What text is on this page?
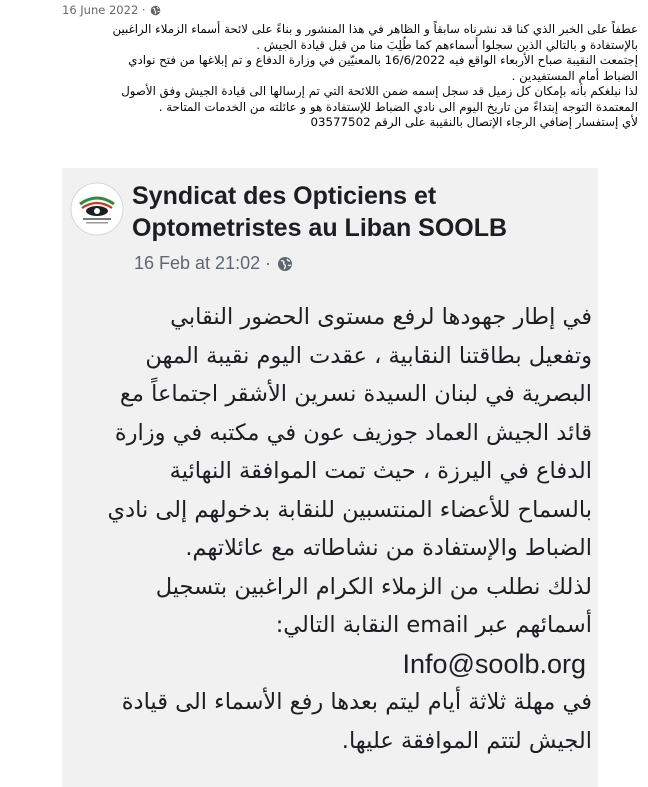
16 June 2022 ·

عطفاً على الخبر الذي كنا قد نشرناه سابقاً و الظاهر في هذا المنشور و بناءً على لائحة أسماء الزملاء الراغبين

بالإستفادة و بالتالي الذين سجلوا أسماءهم كما طُلِبَ منا من قبل قيادة الجيش .

إجتمعت النقيبة صباح الأربعاء الواقع فيه 16/6/2022 بالمعنيّين في وزارة الدفاع و تم إبلاغها من فتح نوادي

الضباط أمام المستفيدين .

لذا نبلغكم بأنه بإمكان كل زميل قد سجل إسمه ضمن اللائحة التي تم إرسالها الى قيادة الجيش وفق الأصول

المعتمدة التوجه إبتداءً من تاريخ اليوم الى نادي الضباط للإستفادة هو و عائلته من الخدمات المتاحة .

لأي إستفسار إضافي الرجاء الإتصال بالنقيبة على الرقم 03577502

Syndicat des Opticiens et
Optometristes au Liban SOOLB
16 Feb at 21:02 ·

في إطار جهودها لرفع مستوى الحضور النقابي

وتفعيل بطاقتنا النقابية ، عقدت اليوم نقيبة المهن

البصرية في لبنان السيدة نسرين الأشقر اجتماعاً مع

قائد الجيش العماد جوزيف عون في مكتبه في وزارة

الدفاع في اليرزة ، حيث تمت الموافقة النهائية

بالسماح للأعضاء المنتسبين للنقابة بدخولهم إلى نادي

الضباط والإستفادة من نشاطاته مع عائلاتهم.

لذلك نطلب من الزملاء الكرام الراغبين بتسجيل

أسمائهم عبر email النقابة التالي:

Info@soolb.org

في مهلة ثلاثة أيام ليتم بعدها رفع الأسماء الى قيادة

الجيش لتتم الموافقة عليها.
